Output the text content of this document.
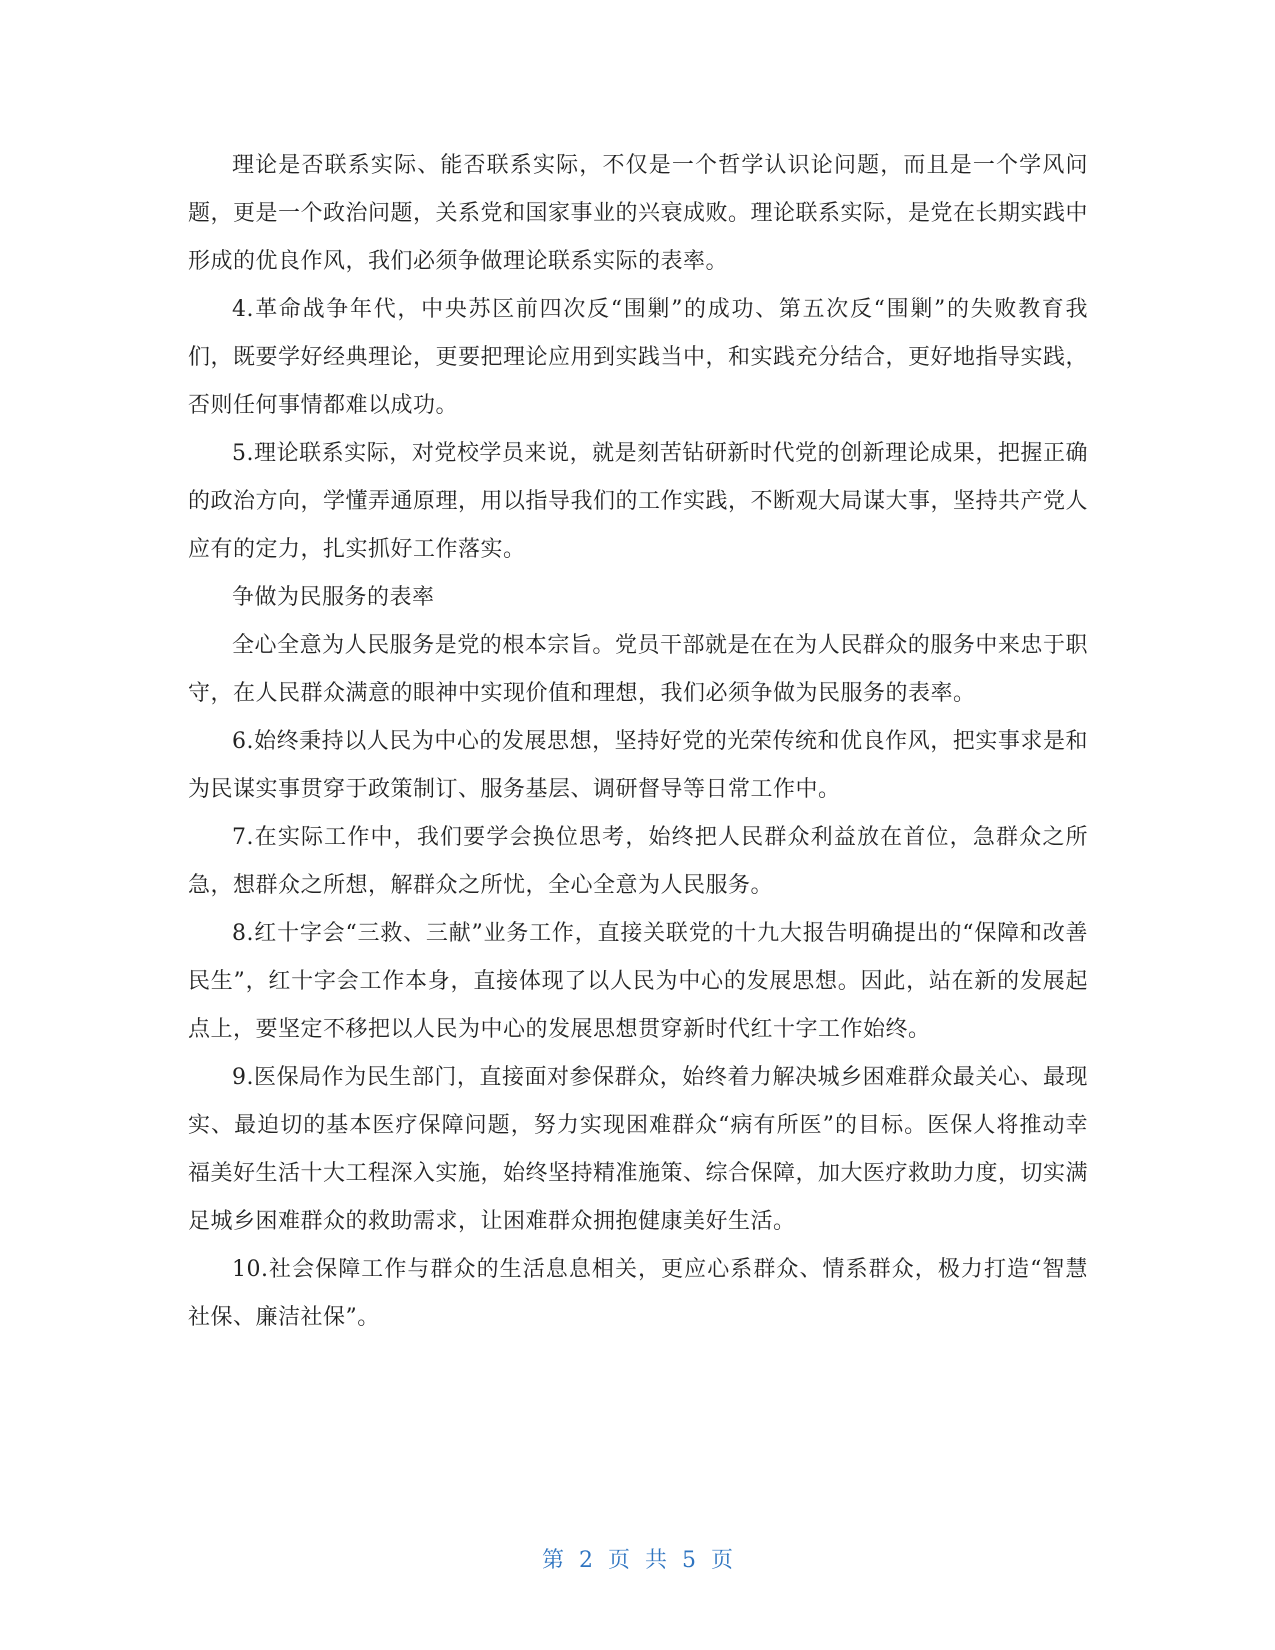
理论是否联系实际、能否联系实际，不仅是一个哲学认识论问题，而且是一个学风问题，更是一个政治问题，关系党和国家事业的兴衰成败。理论联系实际，是党在长期实践中形成的优良作风，我们必须争做理论联系实际的表率。

4.革命战争年代，中央苏区前四次反“围剿”的成功、第五次反“围剿”的失败教育我们，既要学好经典理论，更要把理论应用到实践当中，和实践充分结合，更好地指导实践，否则任何事情都难以成功。

5.理论联系实际，对党校学员来说，就是刻苦钻研新时代党的创新理论成果，把握正确的政治方向，学懂弄通原理，用以指导我们的工作实践，不断观大局谋大事，坚持共产党人应有的定力，扎实抓好工作落实。

争做为民服务的表率

全心全意为人民服务是党的根本宗旨。党员干部就是在在为人民群众的服务中来忠于职守，在人民群众满意的眼神中实现价值和理想，我们必须争做为民服务的表率。

6.始终秉持以人民为中心的发展思想，坚持好党的光荣传统和优良作风，把实事求是和为民谋实事贯穿于政策制订、服务基层、调研督导等日常工作中。

7.在实际工作中，我们要学会换位思考，始终把人民群众利益放在首位，急群众之所急，想群众之所想，解群众之所忧，全心全意为人民服务。

8.红十字会“三救、三献”业务工作，直接关联党的十九大报告明确提出的“保障和改善民生”，红十字会工作本身，直接体现了以人民为中心的发展思想。因此，站在新的发展起点上，要坚定不移把以人民为中心的发展思想贯穿新时代红十字工作始终。

9.医保局作为民生部门，直接面对参保群众，始终着力解决城乡困难群众最关心、最现实、最迫切的基本医疗保障问题，努力实现困难群众“病有所医”的目标。医保人将推动幸福美好生活十大工程深入实施，始终坚持精准施策、综合保障，加大医疗救助力度，切实满足城乡困难群众的救助需求，让困难群众拥抱健康美好生活。

10.社会保障工作与群众的生活息息相关，更应心系群众、情系群众，极力打造“智慧社保、廉洁社保”。

第 2 页 共 5 页
